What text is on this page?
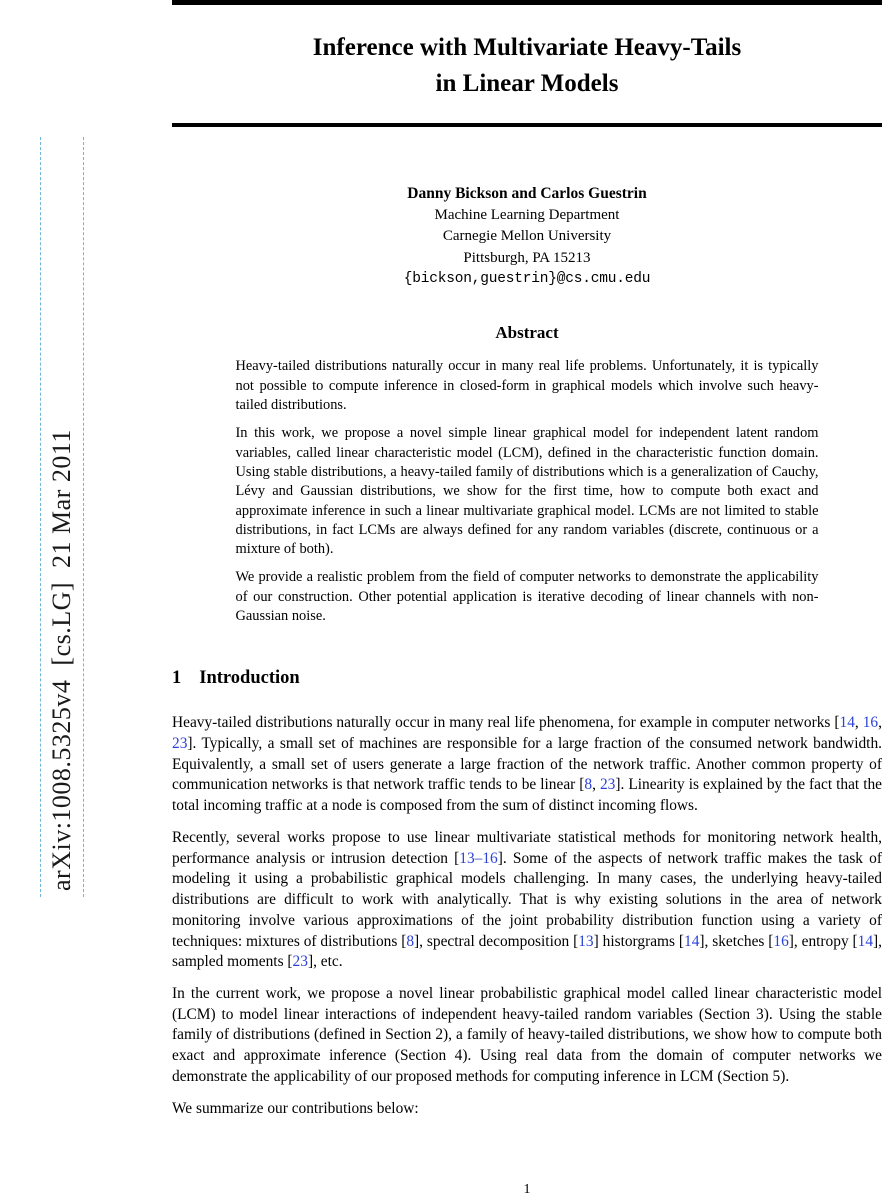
arXiv:1008.5325v4
[cs.LG]
21 Mar 2011
Inference with Multivariate Heavy-Tails
in Linear Models
Danny Bickson and Carlos Guestrin
Machine Learning Department
Carnegie Mellon University
Pittsburgh, PA 15213
{bickson,guestrin}@cs.cmu.edu
Abstract

Heavy-tailed distributions naturally occur in many real life problems. Unfortunately, it is typically not possible to compute inference in closed-form in graphical models which involve such heavy-tailed distributions.

In this work, we propose a novel simple linear graphical model for independent latent random variables, called linear characteristic model (LCM), defined in the characteristic function domain. Using stable distributions, a heavy-tailed family of distributions which is a generalization of Cauchy, Lévy and Gaussian distributions, we show for the first time, how to compute both exact and approximate inference in such a linear multivariate graphical model. LCMs are not limited to stable distributions, in fact LCMs are always defined for any random variables (discrete, continuous or a mixture of both).

We provide a realistic problem from the field of computer networks to demonstrate the applicability of our construction. Other potential application is iterative decoding of linear channels with non-Gaussian noise.

1 Introduction

Heavy-tailed distributions naturally occur in many real life phenomena, for example in computer networks [14, 16, 23]. Typically, a small set of machines are responsible for a large fraction of the consumed network bandwidth. Equivalently, a small set of users generate a large fraction of the network traffic. Another common property of communication networks is that network traffic tends to be linear [8, 23]. Linearity is explained by the fact that the total incoming traffic at a node is composed from the sum of distinct incoming flows.

Recently, several works propose to use linear multivariate statistical methods for monitoring network health, performance analysis or intrusion detection [13–16]. Some of the aspects of network traffic makes the task of modeling it using a probabilistic graphical models challenging. In many cases, the underlying heavy-tailed distributions are difficult to work with analytically. That is why existing solutions in the area of network monitoring involve various approximations of the joint probability distribution function using a variety of techniques: mixtures of distributions [8], spectral decomposition [13] historgrams [14], sketches [16], entropy [14], sampled moments [23], etc.

In the current work, we propose a novel linear probabilistic graphical model called linear characteristic model (LCM) to model linear interactions of independent heavy-tailed random variables (Section 3). Using the stable family of distributions (defined in Section 2), a family of heavy-tailed distributions, we show how to compute both exact and approximate inference (Section 4). Using real data from the domain of computer networks we demonstrate the applicability of our proposed methods for computing inference in LCM (Section 5).

We summarize our contributions below:

1
